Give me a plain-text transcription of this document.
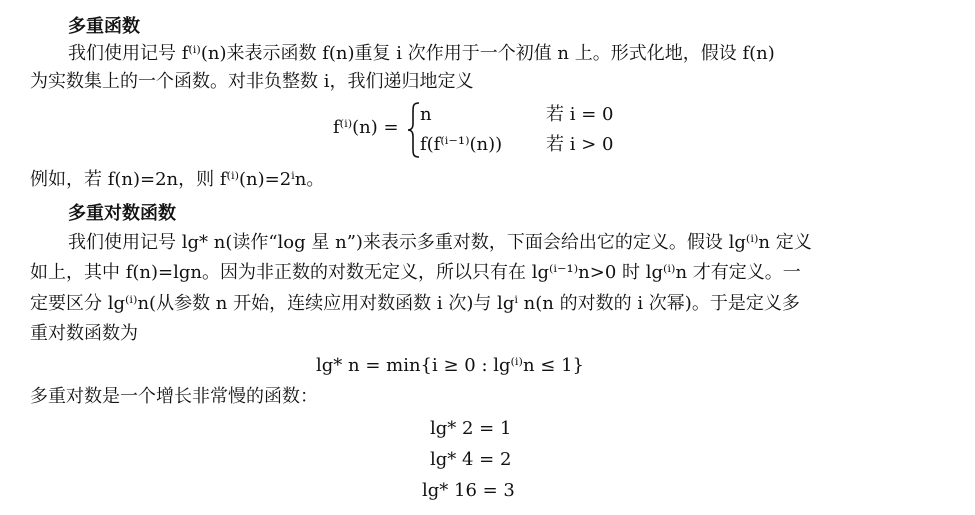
多重函数
我们使用记号 f⁽ⁱ⁾(n)来表示函数 f(n)重复 i 次作用于一个初值 n 上。形式化地，假设 f(n)
为实数集上的一个函数。对非负整数 i，我们递归地定义
f⁽ⁱ⁾(n) =
n	若 i = 0
f(f⁽ⁱ⁻¹⁾(n)) 若 i > 0
例如，若 f(n)=2n，则 f⁽ⁱ⁾(n)=2ⁱn。
多重对数函数
我们使用记号 lg* n(读作“log 星 n”)来表示多重对数，下面会给出它的定义。假设 lg⁽ⁱ⁾n 定义
如上，其中 f(n)=lgn。因为非正数的对数无定义，所以只有在 lg⁽ⁱ⁻¹⁾n>0 时 lg⁽ⁱ⁾n 才有定义。一
定要区分 lg⁽ⁱ⁾n(从参数 n 开始，连续应用对数函数 i 次)与 lgⁱ n(n 的对数的 i 次幂)。于是定义多
重对数函数为
lg* n = min{i ≥ 0 : lg⁽ⁱ⁾n ≤ 1}
多重对数是一个增长非常慢的函数：
lg* 2 = 1
lg* 4 = 2
lg* 16 = 3
